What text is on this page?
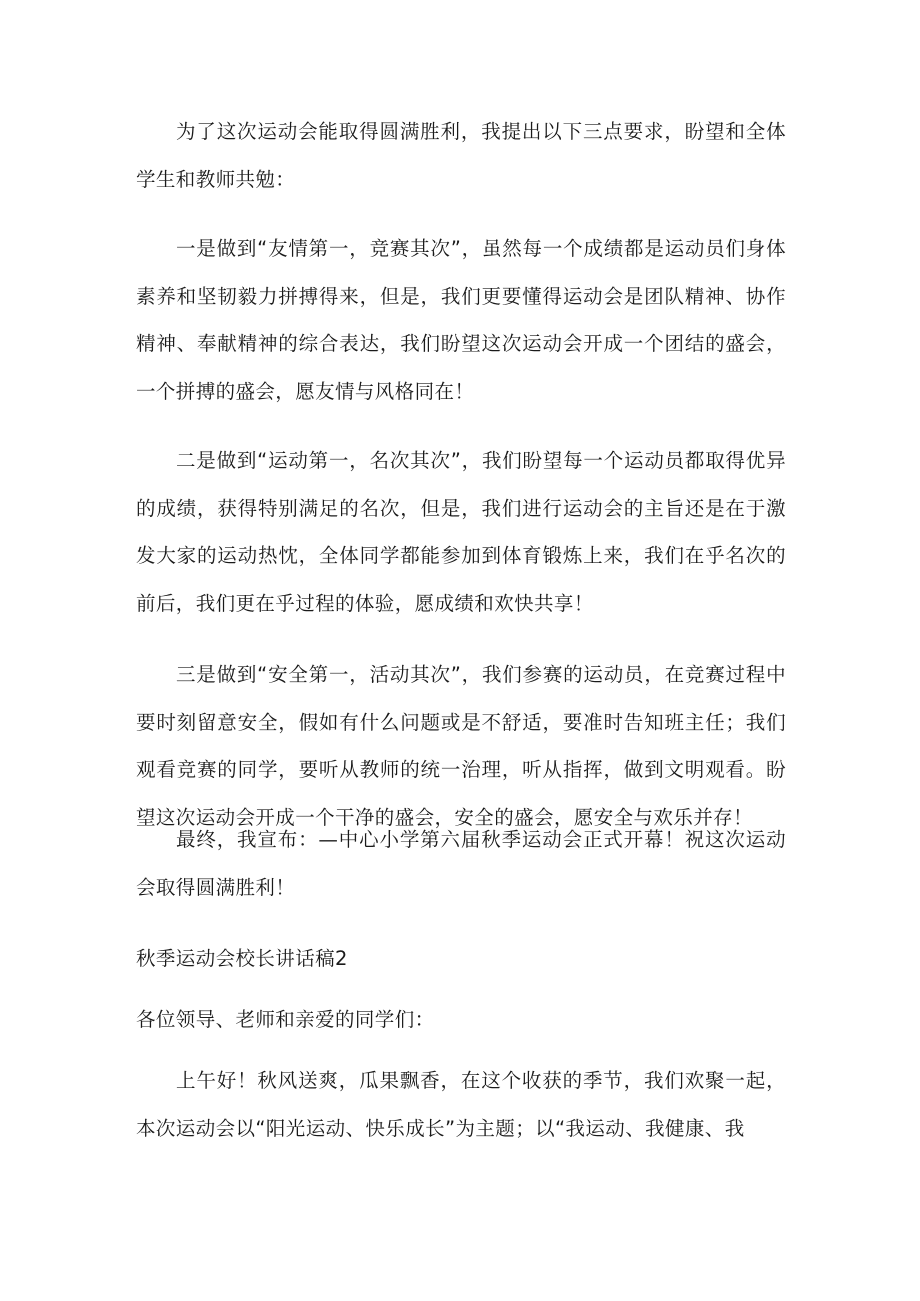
为了这次运动会能取得圆满胜利，我提出以下三点要求，盼望和全体学生和教师共勉：

一是做到“友情第一，竞赛其次”，虽然每一个成绩都是运动员们身体素养和坚韧毅力拼搏得来，但是，我们更要懂得运动会是团队精神、协作精神、奉献精神的综合表达，我们盼望这次运动会开成一个团结的盛会，一个拼搏的盛会，愿友情与风格同在！

二是做到“运动第一，名次其次”，我们盼望每一个运动员都取得优异的成绩，获得特别满足的名次，但是，我们进行运动会的主旨还是在于激发大家的运动热忱，全体同学都能参加到体育锻炼上来，我们在乎名次的前后，我们更在乎过程的体验，愿成绩和欢快共享！

三是做到“安全第一，活动其次”，我们参赛的运动员，在竞赛过程中要时刻留意安全，假如有什么问题或是不舒适，要准时告知班主任；我们观看竞赛的同学，要听从教师的统一治理，听从指挥，做到文明观看。盼望这次运动会开成一个干净的盛会，安全的盛会，愿安全与欢乐并存！

最终，我宣布：—中心小学第六届秋季运动会正式开幕！祝这次运动会取得圆满胜利！

秋季运动会校长讲话稿2

各位领导、老师和亲爱的同学们：

上午好！秋风送爽，瓜果飘香，在这个收获的季节，我们欢聚一起，本次运动会以“阳光运动、快乐成长”为主题；以“我运动、我健康、我
